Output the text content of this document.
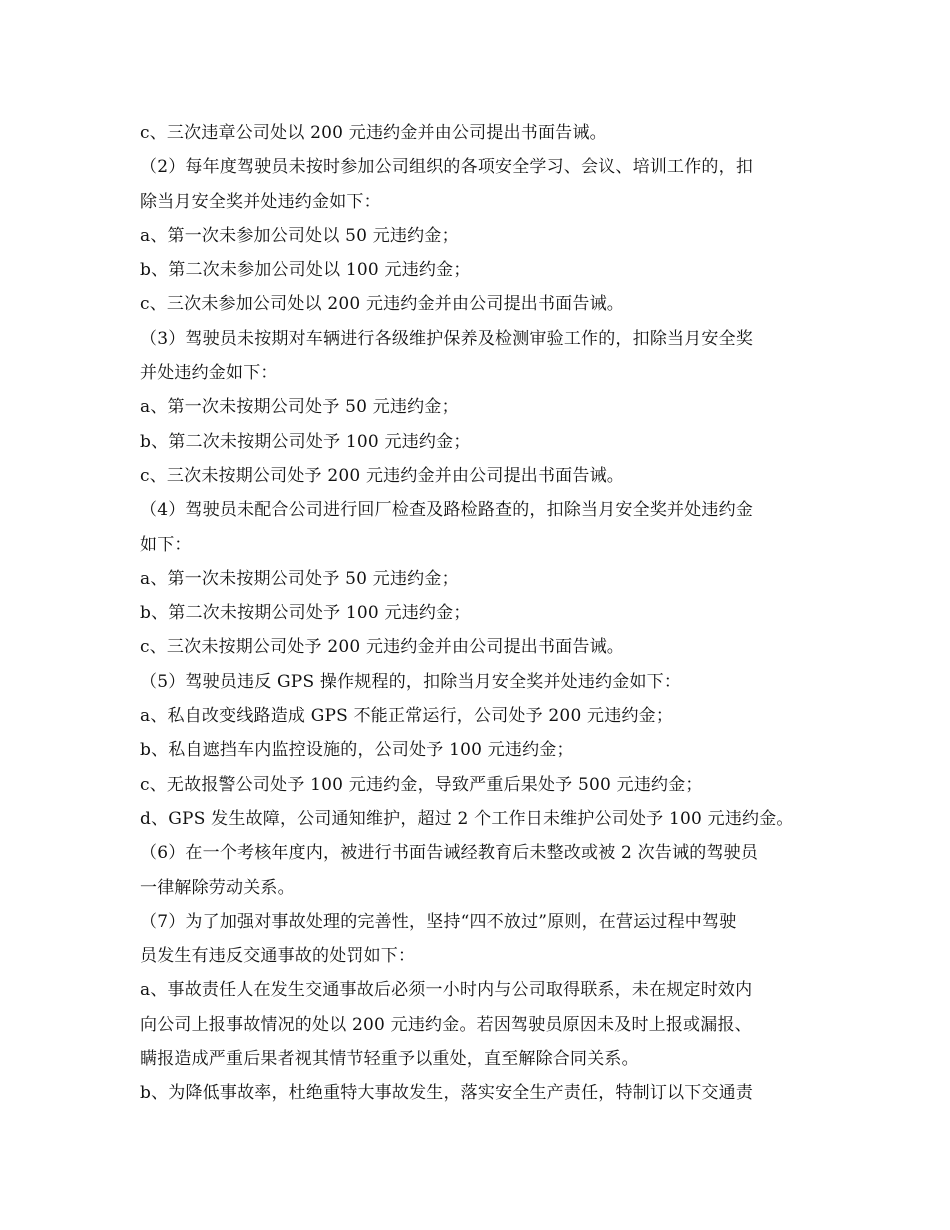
c、三次违章公司处以 200 元违约金并由公司提出书面告诫。
（2）每年度驾驶员未按时参加公司组织的各项安全学习、会议、培训工作的，扣
除当月安全奖并处违约金如下：
a、第一次未参加公司处以 50 元违约金；
b、第二次未参加公司处以 100 元违约金；
c、三次未参加公司处以 200 元违约金并由公司提出书面告诫。
（3）驾驶员未按期对车辆进行各级维护保养及检测审验工作的，扣除当月安全奖
并处违约金如下：
a、第一次未按期公司处予 50 元违约金；
b、第二次未按期公司处予 100 元违约金；
c、三次未按期公司处予 200 元违约金并由公司提出书面告诫。
（4）驾驶员未配合公司进行回厂检查及路检路查的，扣除当月安全奖并处违约金
如下：
a、第一次未按期公司处予 50 元违约金；
b、第二次未按期公司处予 100 元违约金；
c、三次未按期公司处予 200 元违约金并由公司提出书面告诫。
（5）驾驶员违反 GPS 操作规程的，扣除当月安全奖并处违约金如下：
a、私自改变线路造成 GPS 不能正常运行，公司处予 200 元违约金；
b、私自遮挡车内监控设施的，公司处予 100 元违约金；
c、无故报警公司处予 100 元违约金，导致严重后果处予 500 元违约金；
d、GPS 发生故障，公司通知维护，超过 2 个工作日未维护公司处予 100 元违约金。
（6）在一个考核年度内，被进行书面告诫经教育后未整改或被 2 次告诫的驾驶员
一律解除劳动关系。
（7）为了加强对事故处理的完善性，坚持“四不放过”原则，在营运过程中驾驶
员发生有违反交通事故的处罚如下：
a、事故责任人在发生交通事故后必须一小时内与公司取得联系，未在规定时效内
向公司上报事故情况的处以 200 元违约金。若因驾驶员原因未及时上报或漏报、
瞒报造成严重后果者视其情节轻重予以重处，直至解除合同关系。
b、为降低事故率，杜绝重特大事故发生，落实安全生产责任，特制订以下交通责
